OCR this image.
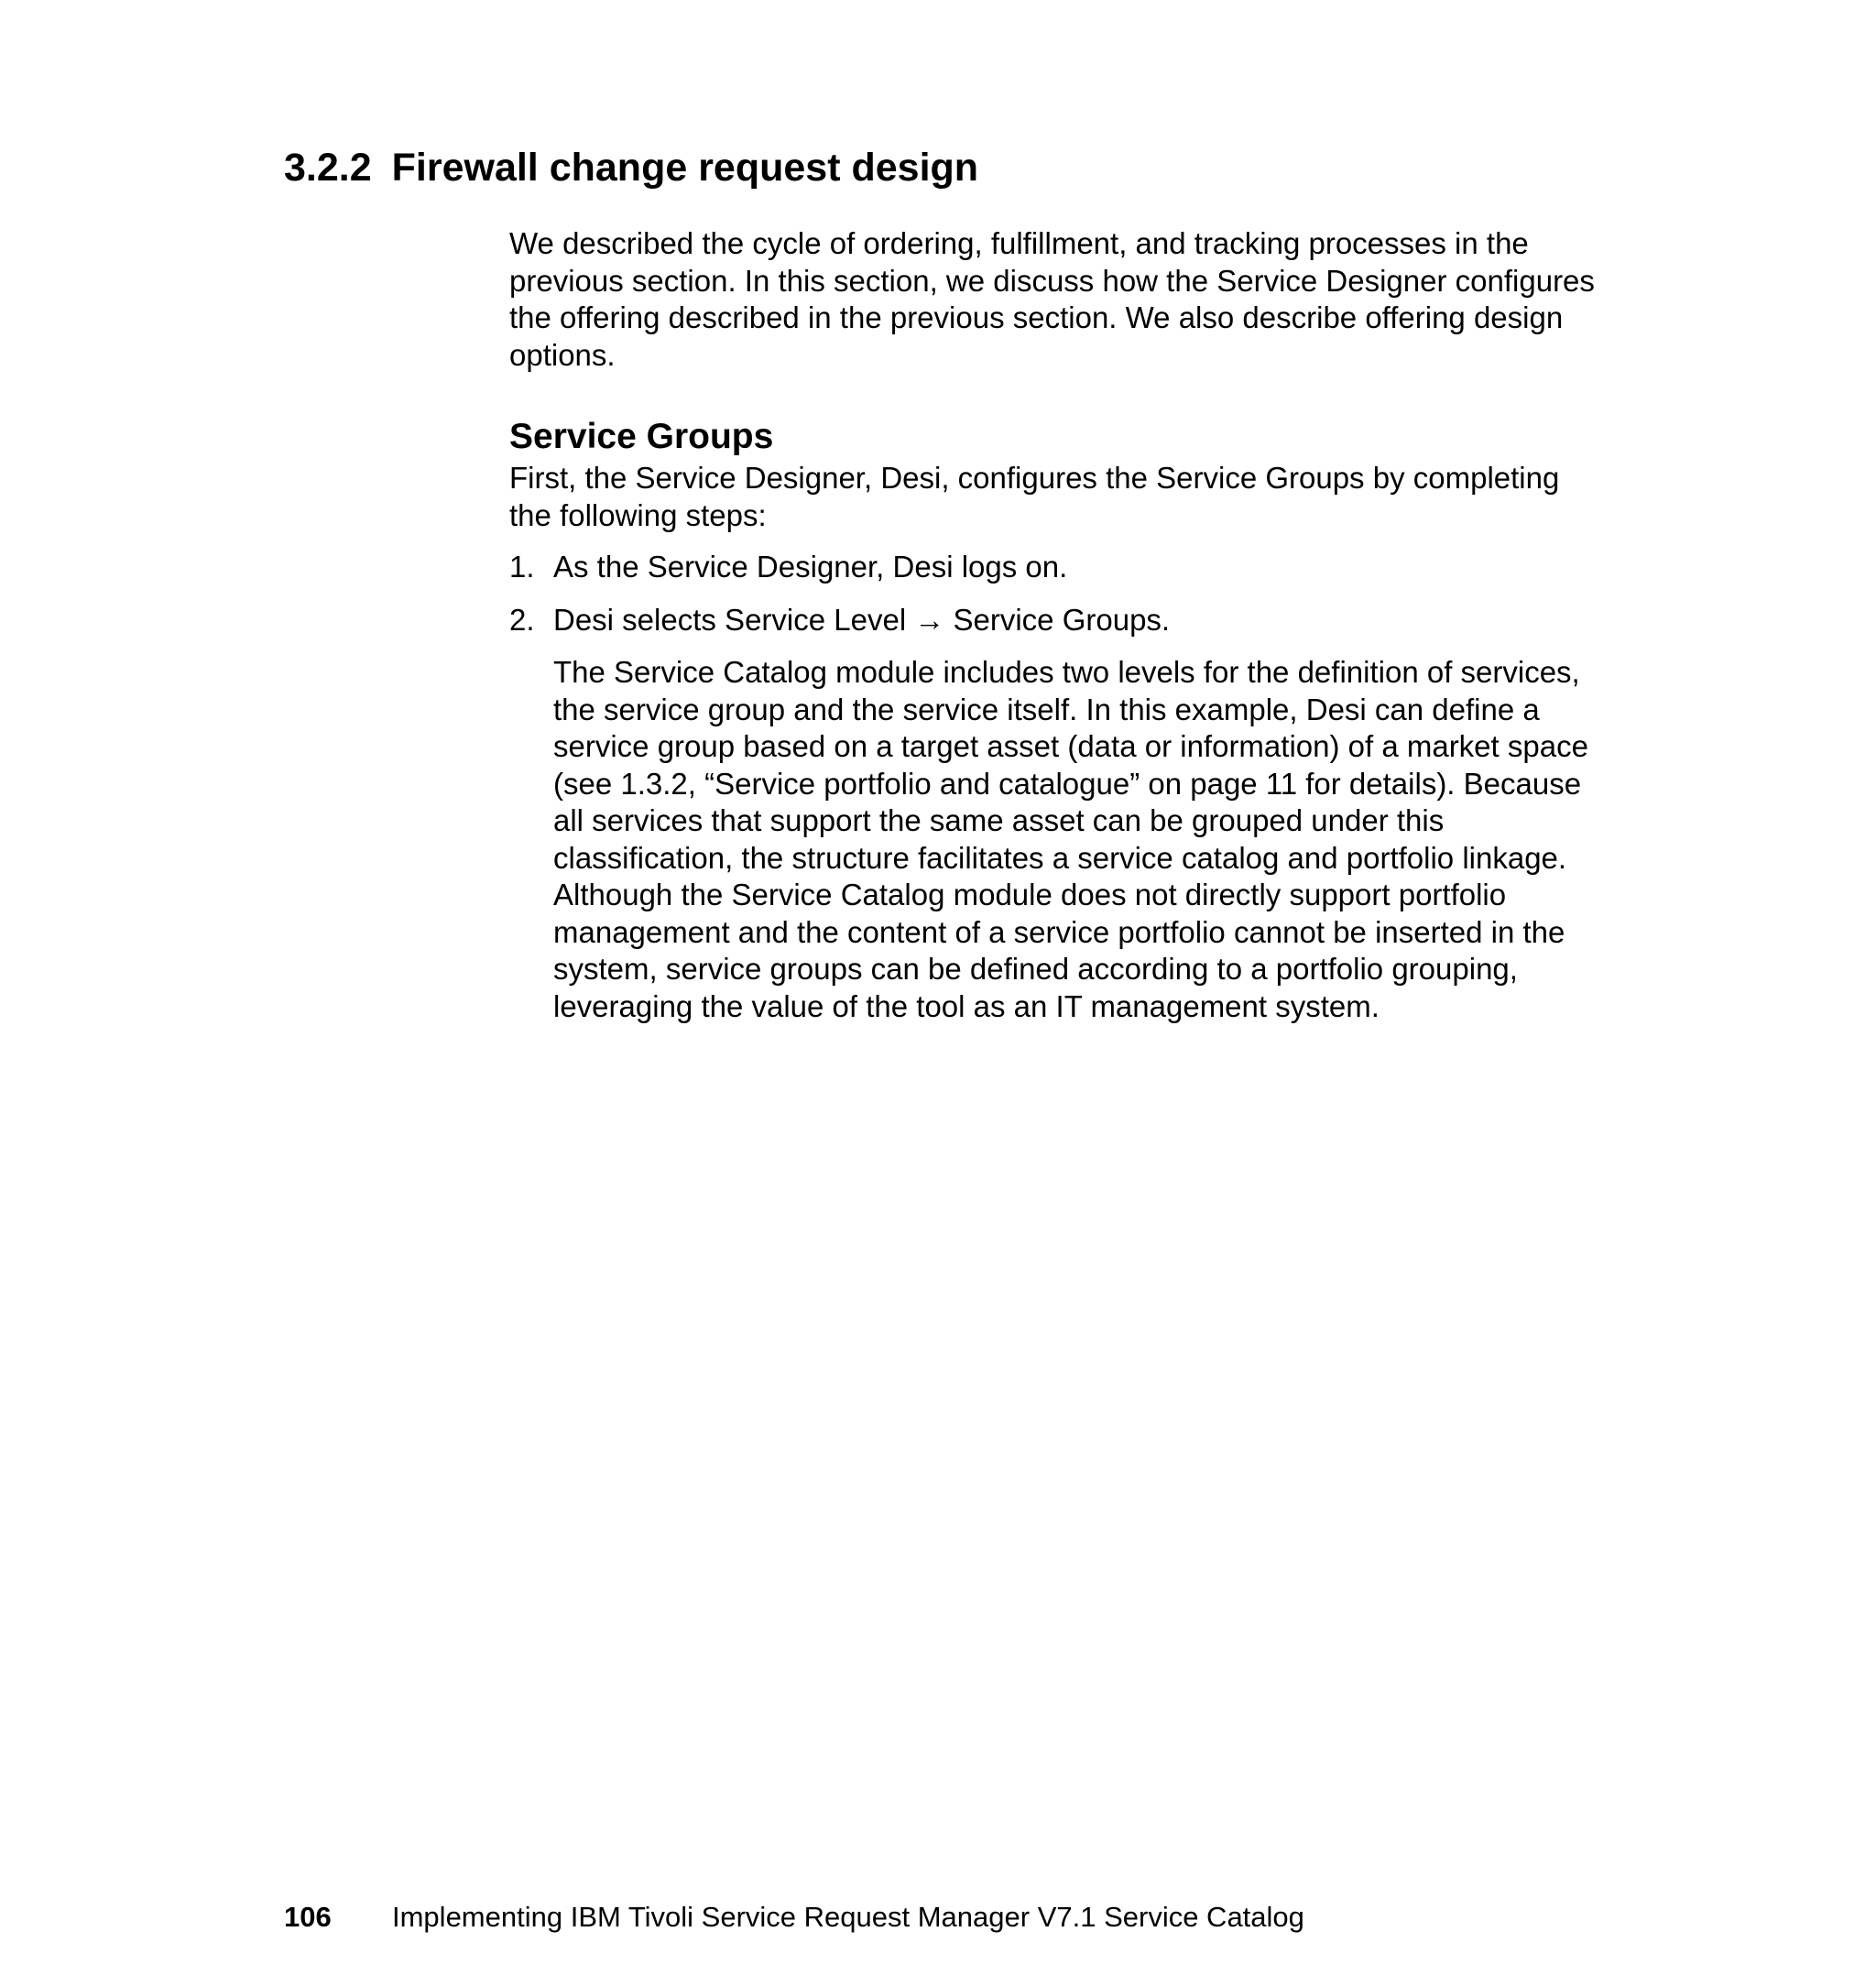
3.2.2 Firewall change request design

We described the cycle of ordering, fulfillment, and tracking processes in the previous section. In this section, we discuss how the Service Designer configures the offering described in the previous section. We also describe offering design options.

Service Groups

First, the Service Designer, Desi, configures the Service Groups by completing the following steps:

1. As the Service Designer, Desi logs on.

2. Desi selects Service Level → Service Groups.

The Service Catalog module includes two levels for the definition of services, the service group and the service itself. In this example, Desi can define a service group based on a target asset (data or information) of a market space (see 1.3.2, “Service portfolio and catalogue” on page 11 for details). Because all services that support the same asset can be grouped under this classification, the structure facilitates a service catalog and portfolio linkage. Although the Service Catalog module does not directly support portfolio management and the content of a service portfolio cannot be inserted in the system, service groups can be defined according to a portfolio grouping, leveraging the value of the tool as an IT management system.

106 Implementing IBM Tivoli Service Request Manager V7.1 Service Catalog
